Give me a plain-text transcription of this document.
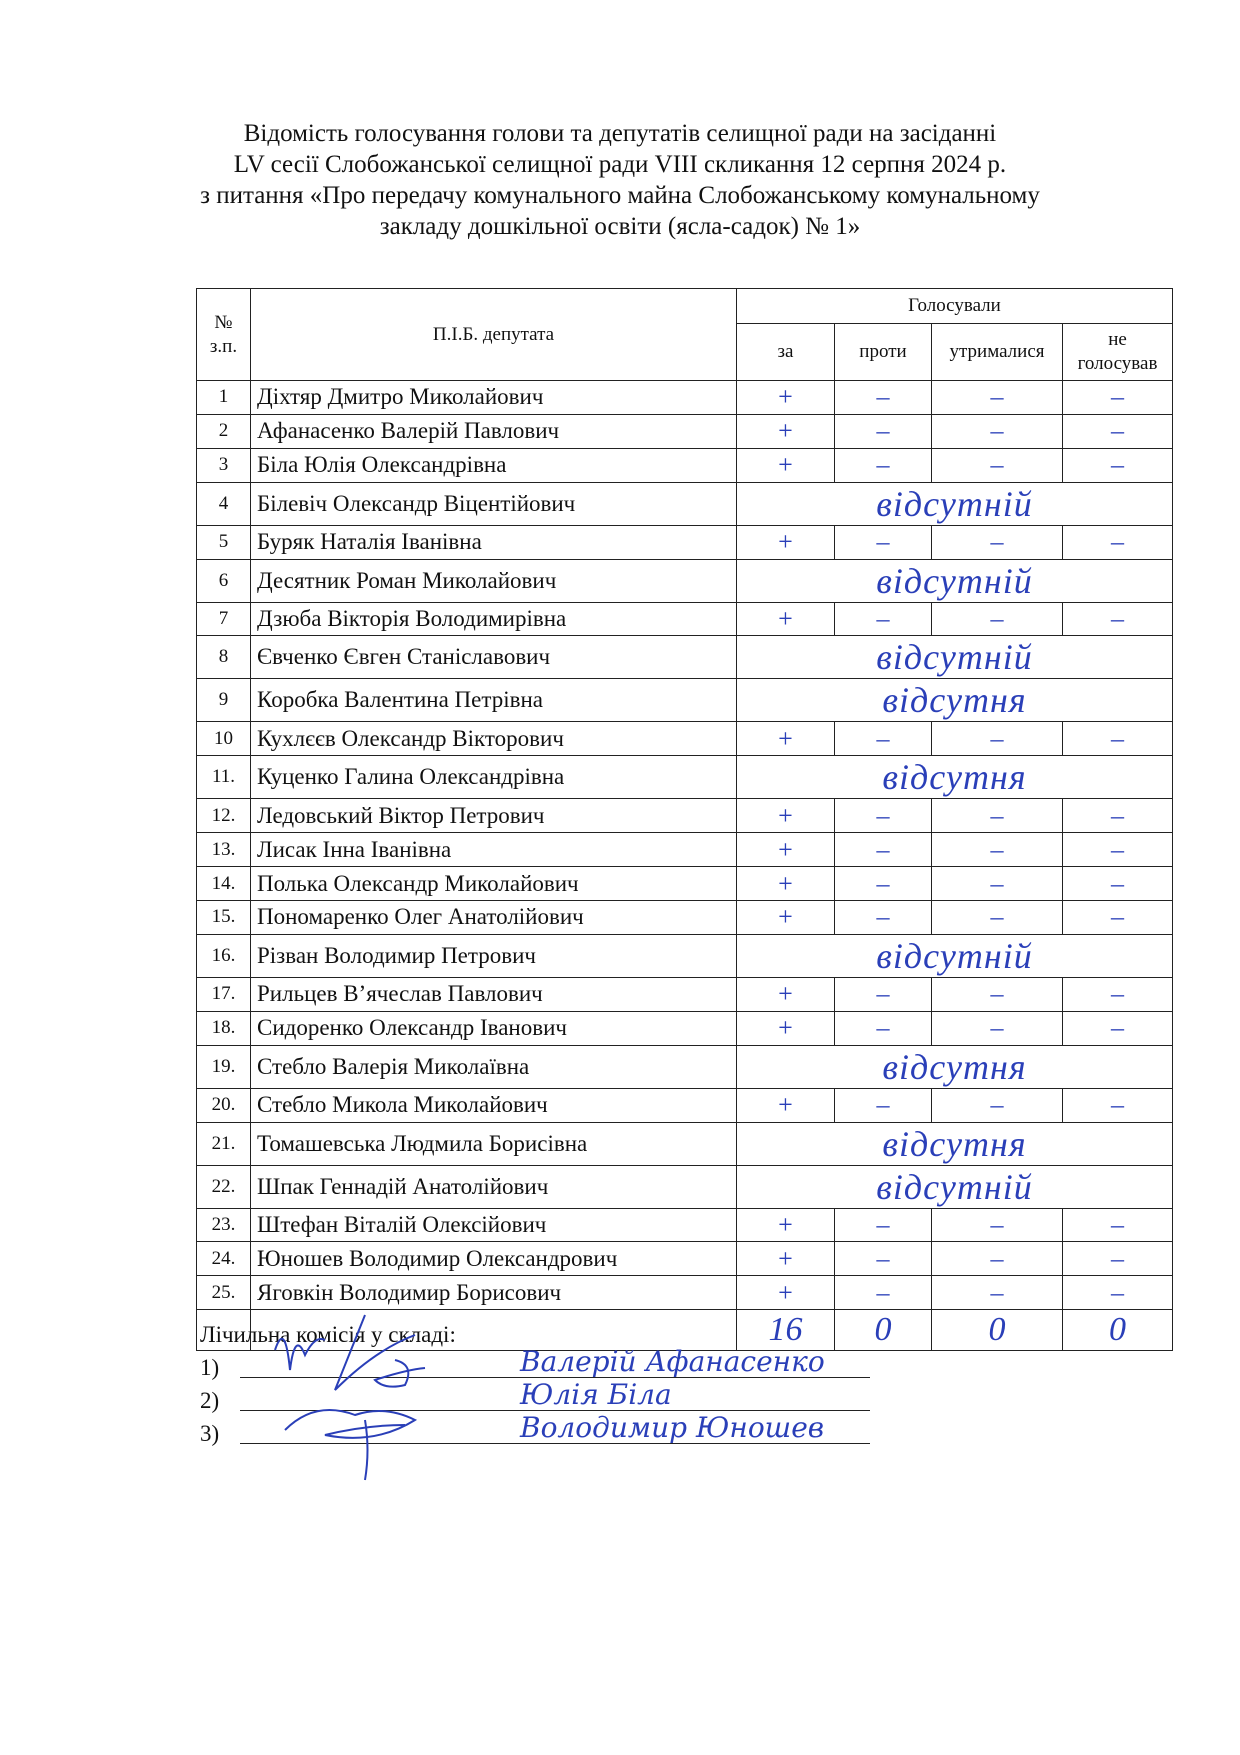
Відомість голосування голови та депутатів селищної ради на засіданні
LV сесії Слобожанської селищної ради VIII скликання 12 серпня 2024 р.
з питання «Про передачу комунального майна Слобожанському комунальному
закладу дошкільної освіти (ясла-садок) № 1»
№
з.п.	П.І.Б. депутата	Голосували			
		за	проти	утрималися	не
голосував
1	Діхтяр Дмитро Миколайович	+	–	–	–
2	Афанасенко Валерій Павлович	+	–	–	–
3	Біла Юлія Олександрівна	+	–	–	–
4	Білевіч Олександр Віцентійович	відсутній			
5	Буряк Наталія Іванівна	+	–	–	–
6	Десятник Роман Миколайович	відсутній			
7	Дзюба Вікторія Володимирівна	+	–	–	–
8	Євченко Євген Станіславович	відсутній			
9	Коробка Валентина Петрівна	відсутня			
10	Кухлєєв Олександр Вікторович	+	–	–	–
11.	Куценко Галина Олександрівна	відсутня			
12.	Ледовський Віктор Петрович	+	–	–	–
13.	Лисак Інна Іванівна	+	–	–	–
14.	Полька Олександр Миколайович	+	–	–	–
15.	Пономаренко Олег Анатолійович	+	–	–	–
16.	Різван Володимир Петрович	відсутній			
17.	Рильцев В’ячеслав Павлович	+	–	–	–
18.	Сидоренко Олександр Іванович	+	–	–	–
19.	Стебло Валерія Миколаївна	відсутня			
20.	Стебло Микола Миколайович	+	–	–	–
21.	Томашевська Людмила Борисівна	відсутня			
22.	Шпак Геннадій Анатолійович	відсутній			
23.	Штефан Віталій Олексійович	+	–	–	–
24.	Юношев Володимир Олександрович	+	–	–	–
25.	Яговкін Володимир Борисович	+	–	–	–
		16	0	0	0
Лічильна комісія у складі:
1)	Валерій Афанасенко
2)	Юлія Біла
3)	Володимир Юношев
